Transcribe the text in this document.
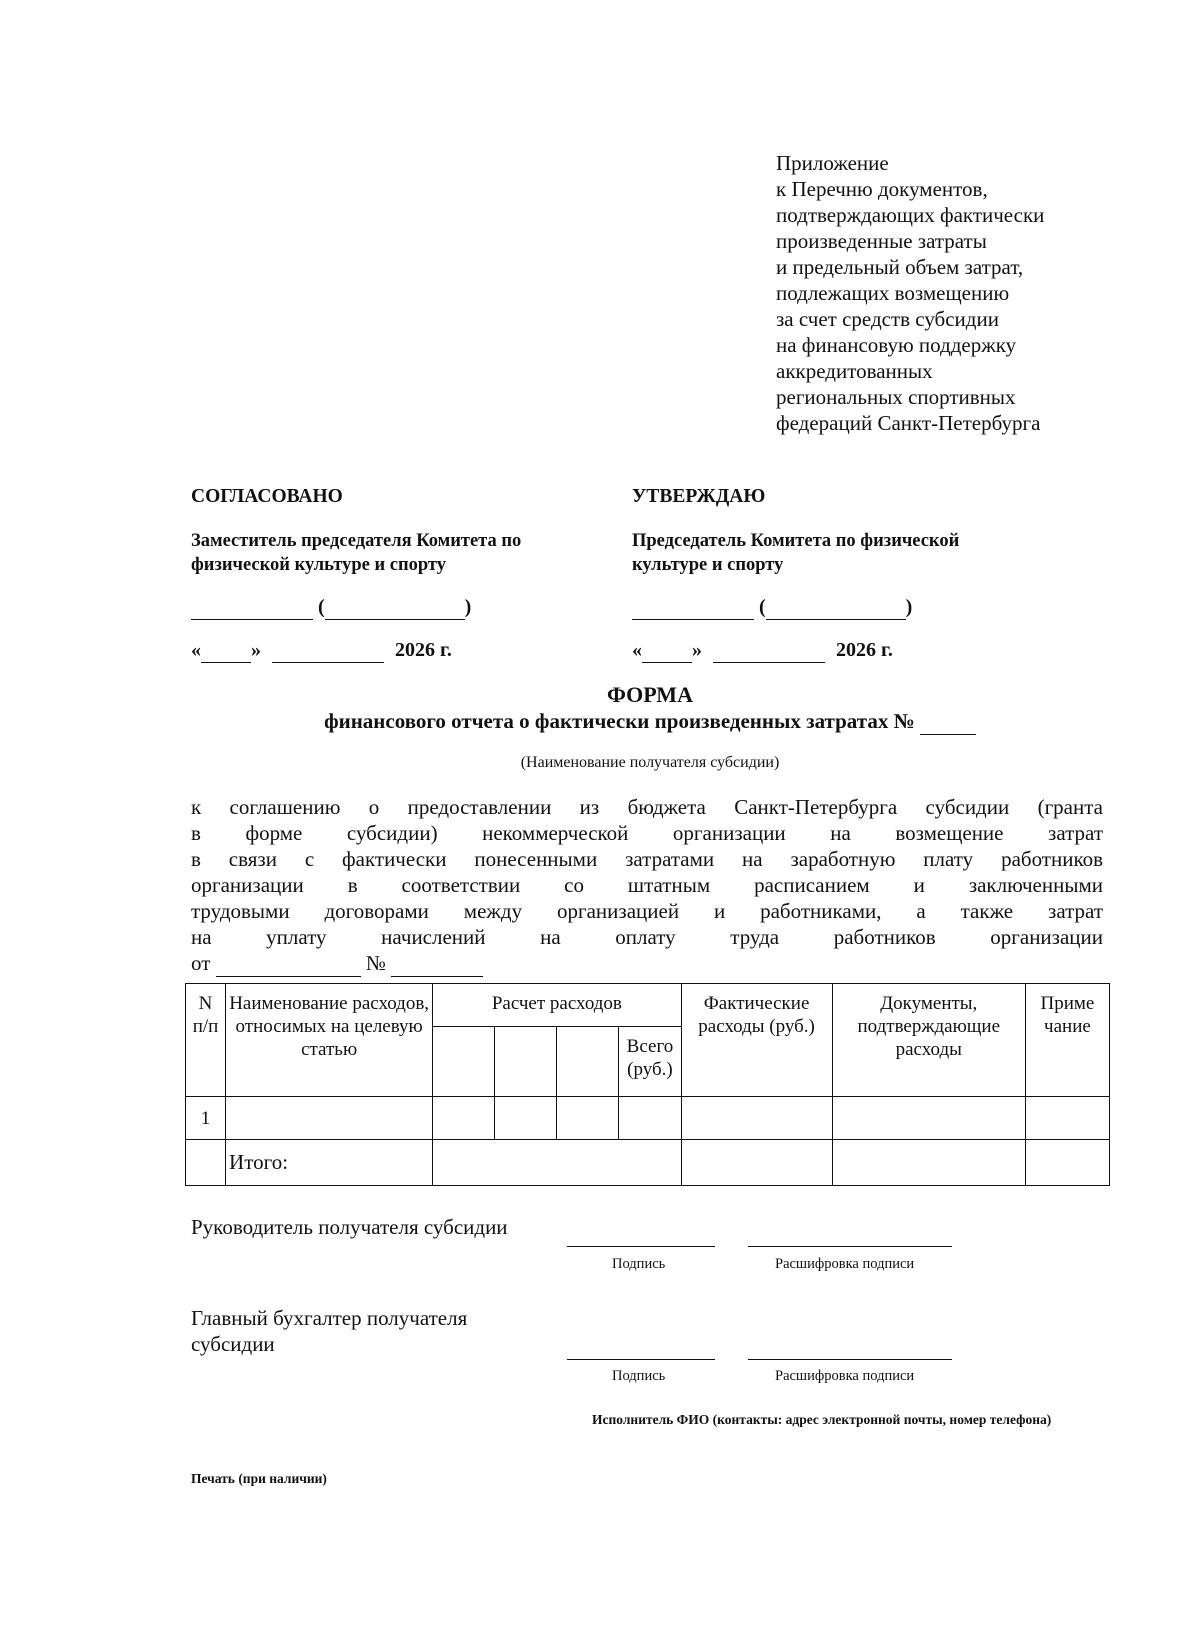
Приложение
к Перечню документов,
подтверждающих фактически
произведенные затраты
и предельный объем затрат,
подлежащих возмещению
за счет средств субсидии
на финансовую поддержку
аккредитованных
региональных спортивных
федераций Санкт-Петербурга
СОГЛАСОВАНО	УТВЕРЖДАЮ
Заместитель председателя Комитета по
физической культуре и спорту
Председатель Комитета по физической
культуре и спорту
(	)	(	)
«	»	2026 г.	«	»	2026 г.
ФОРМА
финансового отчета о фактически произведенных затратах №
(Наименование получателя субсидии)
к соглашению о предоставлении из бюджета Санкт-Петербурга субсидии (гранта
в форме субсидии) некоммерческой организации на возмещение затрат
в связи с фактически понесенными затратами на заработную плату работников
организации в соответствии со штатным расписанием и заключенными
трудовыми договорами между организацией и работниками, а также затрат
на уплату начислений на оплату труда работников организации
от	№
N п/п	Наименование расходов, относимых на целевую статью	Расчет расходов				Фактические расходы (руб.)	Документы, подтверждающие расходы	Приме
чание

					Всего (руб.)			
1								
	Итого:							
Руководитель получателя субсидии
Подпись	Расшифровка подписи
Главный бухгалтер получателя
субсидии
Подпись	Расшифровка подписи
Исполнитель ФИО (контакты: адрес электронной почты, номер телефона)
Печать (при наличии)
